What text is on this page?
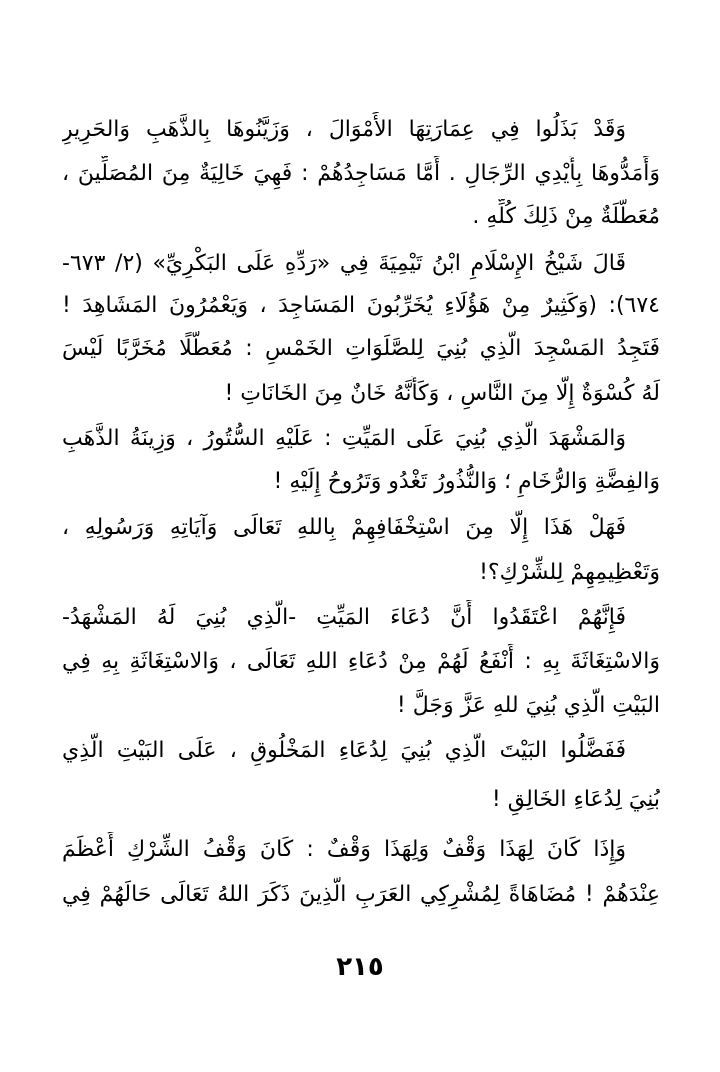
وَقَدْ بَذَلُوا فِي عِمَارَتِهَا الأَمْوَالَ ، وَزَيَّنُوهَا بِالذَّهَبِ وَالحَرِيرِ
وَأَمَدُّوهَا بِأَيْدِي الرِّجَالِ . أَمَّا مَسَاجِدُهُمْ : فَهِيَ خَالِيَةٌ مِنَ المُصَلِّينَ ،
مُعَطَّلَةٌ مِنْ ذَلِكَ كُلِّهِ .
قَالَ شَيْخُ الإِسْلَامِ ابْنُ تَيْمِيَةَ فِي «رَدِّهِ عَلَى البَكْرِيِّ» (٢/ ٦٧٣-
٦٧٤): (وَكَثِيرٌ مِنْ هَؤُلَاءِ يُخَرِّبُونَ المَسَاجِدَ ، وَيَعْمُرُونَ المَشَاهِدَ !
فَتَجِدُ المَسْجِدَ الَّذِي بُنِيَ لِلصَّلَوَاتِ الخَمْسِ : مُعَطَّلًا مُخَرَّبًا لَيْسَ
لَهُ كُسْوَةٌ إِلَّا مِنَ النَّاسِ ، وَكَأَنَّهُ خَانٌ مِنَ الخَانَاتِ !
وَالمَشْهَدَ الَّذِي بُنِيَ عَلَى المَيِّتِ : عَلَيْهِ السُّتُورُ ، وَزِينَةُ الذَّهَبِ
وَالفِضَّةِ وَالرُّخَامِ ؛ وَالنُّذُورُ تَغْدُو وَتَرُوحُ إِلَيْهِ !
فَهَلْ هَذَا إِلَّا مِنَ اسْتِخْفَافِهِمْ بِاللهِ تَعَالَى وَآيَاتِهِ وَرَسُولِهِ ،
وَتَعْظِيمِهِمْ لِلشِّرْكِ؟!
فَإِنَّهُمْ اعْتَقَدُوا أَنَّ دُعَاءَ المَيِّتِ -الَّذِي بُنِيَ لَهُ المَشْهَدُ-
وَالاسْتِغَاثَةَ بِهِ : أَنْفَعُ لَهُمْ مِنْ دُعَاءِ اللهِ تَعَالَى ، وَالاسْتِغَاثَةِ بِهِ فِي
البَيْتِ الَّذِي بُنِيَ للهِ عَزَّ وَجَلَّ !
فَفَضَّلُوا البَيْتَ الَّذِي بُنِيَ لِدُعَاءِ المَخْلُوقِ ، عَلَى البَيْتِ الَّذِي
بُنِيَ لِدُعَاءِ الخَالِقِ !
وَإِذَا كَانَ لِهَذَا وَقْفٌ وَلِهَذَا وَقْفٌ : كَانَ وَقْفُ الشِّرْكِ أَعْظَمَ
عِنْدَهُمْ ! مُضَاهَاةً لِمُشْرِكِي العَرَبِ الَّذِينَ ذَكَرَ اللهُ تَعَالَى حَالَهُمْ فِي
٢١٥
